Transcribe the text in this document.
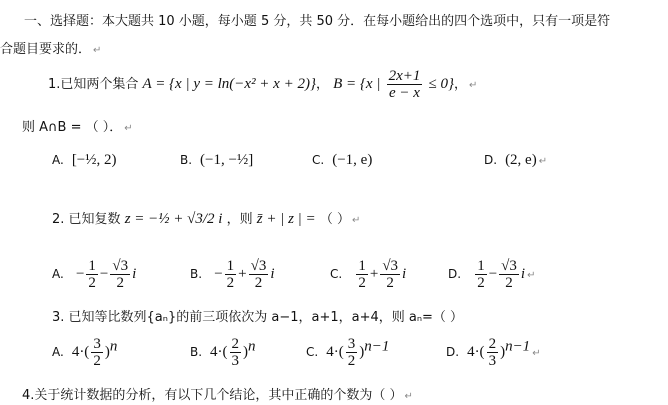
一、选择题：本大题共 10 小题，每小题 5 分，共 50 分．在每小题给出的四个选项中，只有一项是符
合题目要求的． ↵
1.已知两个集合 A = {x | y = ln(−x² + x + 2)}， B = {x | $\frac{2x+1}{e - x} \le 0$}， ↵
则 A∩B = （ ）． ↵
A. [−½, 2)	B. (−1, −½]	C. (−1, e)	D. (2, e) ↵
2. 已知复数 z = −½ + √3/2 i ，则 z̄ + | z | = （ ） ↵
A. − $\frac{1}{2} - \frac{√3}{2}$ i	B. − $\frac{1}{2} + \frac{√3}{2}$ i	C. $\frac{1}{2} + \frac{√3}{2}$ i	D. $\frac{1}{2} - \frac{√3}{2}$ i ↵
3. 已知等比数列{aₙ}的前三项依次为 a−1，a+1，a+4，则 aₙ=（ ）
A. $4\cdot( \frac{3}{2} )^n$	B. $4\cdot( \frac{2}{3} )^n$	C. $4\cdot( \frac{3}{2} )^{n-1}$	D. $4\cdot( \frac{2}{3} )^{n-1}$ ↵
4.关于统计数据的分析，有以下几个结论，其中正确的个数为（ ） ↵
